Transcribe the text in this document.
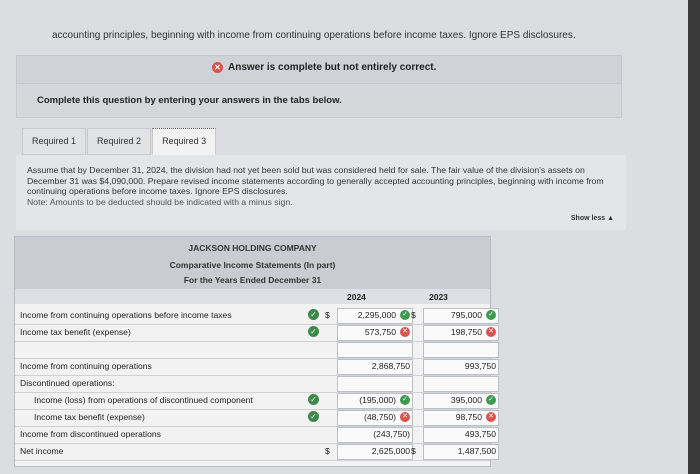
accounting principles, beginning with income from continuing operations before income taxes. Ignore EPS disclosures.
✕ Answer is complete but not entirely correct.
Complete this question by entering your answers in the tabs below.
Required 1	Required 2	Required 3
Assume that by December 31, 2024, the division had not yet been sold but was considered held for sale. The fair value of the division's assets on December 31 was $4,090,000. Prepare revised income statements according to generally accepted accounting principles, beginning with income from continuing operations before income taxes. Ignore EPS disclosures.
Note: Amounts to be deducted should be indicated with a minus sign.
Show less ▲
JACKSON HOLDING COMPANY
Comparative Income Statements (In part)
For the Years Ended December 31
2024	2023
Income from continuing operations before income taxes	✓ $	2,295,000 ✓ $	795,000 ✓
Income tax benefit (expense)	✓	573,750 ✕	198,750 ✕
Income from continuing operations	2,868,750	993,750
Discontinued operations:
Income (loss) from operations of discontinued component	✓	(195,000) ✓	395,000 ✓
Income tax benefit (expense)	✓	(48,750) ✕	98,750 ✕
Income from discontinued operations	(243,750)	493,750
Net income	$	2,625,000 $	1,487,500
